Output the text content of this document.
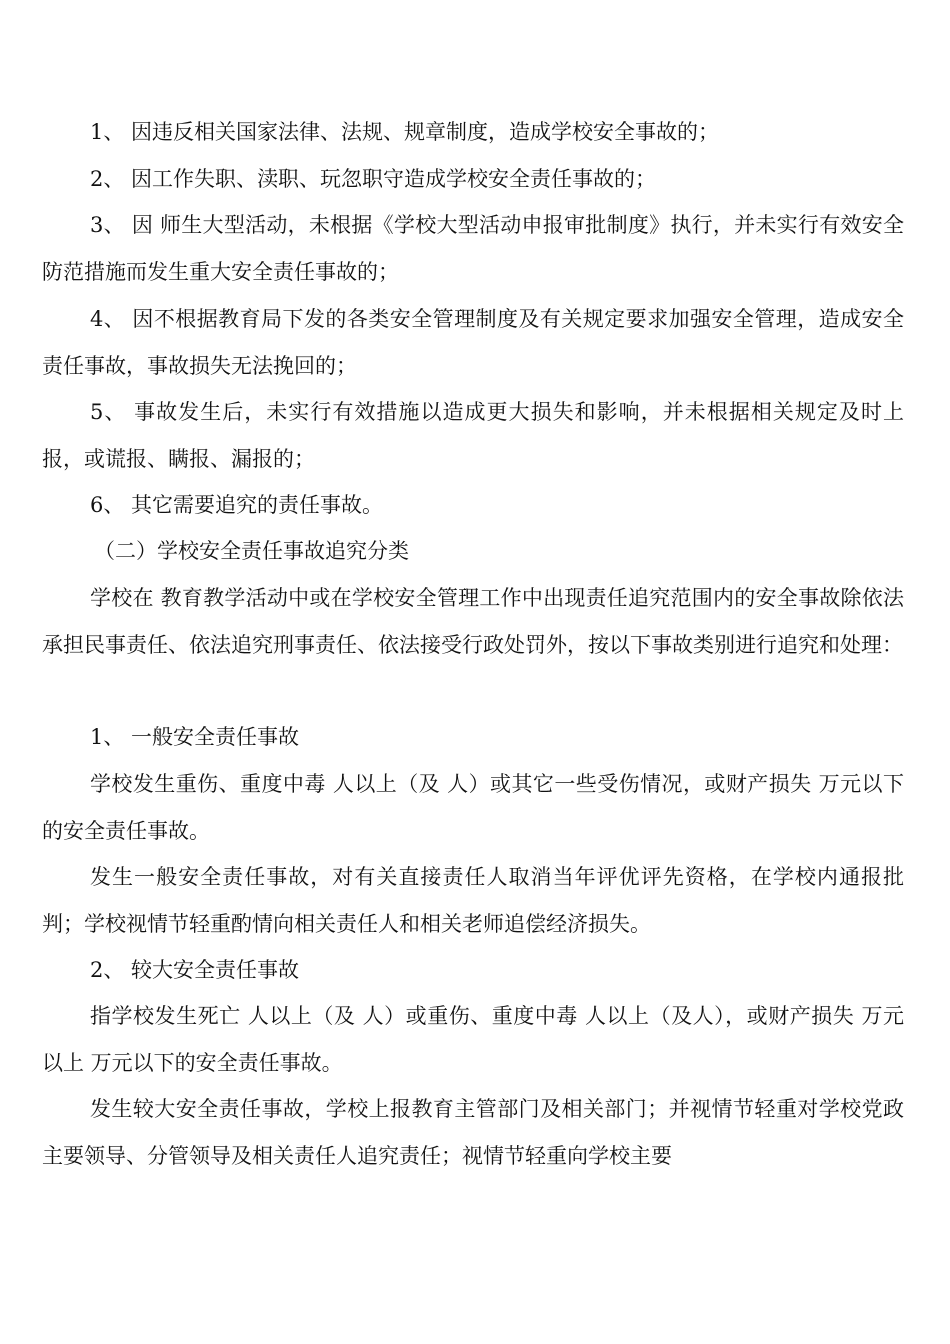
1、 因违反相关国家法律、法规、规章制度，造成学校安全事故的；

2、 因工作失职、渎职、玩忽职守造成学校安全责任事故的；

3、 因 师生大型活动，未根据《学校大型活动申报审批制度》执行，并未实行有效安全防范措施而发生重大安全责任事故的；

4、 因不根据教育局下发的各类安全管理制度及有关规定要求加强安全管理，造成安全责任事故，事故损失无法挽回的；

5、 事故发生后，未实行有效措施以造成更大损失和影响，并未根据相关规定及时上报，或谎报、瞒报、漏报的；

6、 其它需要追究的责任事故。

（二）学校安全责任事故追究分类

学校在 教育教学活动中或在学校安全管理工作中出现责任追究范围内的安全事故除依法承担民事责任、依法追究刑事责任、依法接受行政处罚外，按以下事故类别进行追究和处理：

1、 一般安全责任事故

学校发生重伤、重度中毒 人以上（及 人）或其它一些受伤情况，或财产损失 万元以下的安全责任事故。

发生一般安全责任事故，对有关直接责任人取消当年评优评先资格，在学校内通报批判；学校视情节轻重酌情向相关责任人和相关老师追偿经济损失。

2、 较大安全责任事故

指学校发生死亡 人以上（及 人）或重伤、重度中毒 人以上（及人），或财产损失 万元以上 万元以下的安全责任事故。

发生较大安全责任事故，学校上报教育主管部门及相关部门；并视情节轻重对学校党政主要领导、分管领导及相关责任人追究责任；视情节轻重向学校主要
